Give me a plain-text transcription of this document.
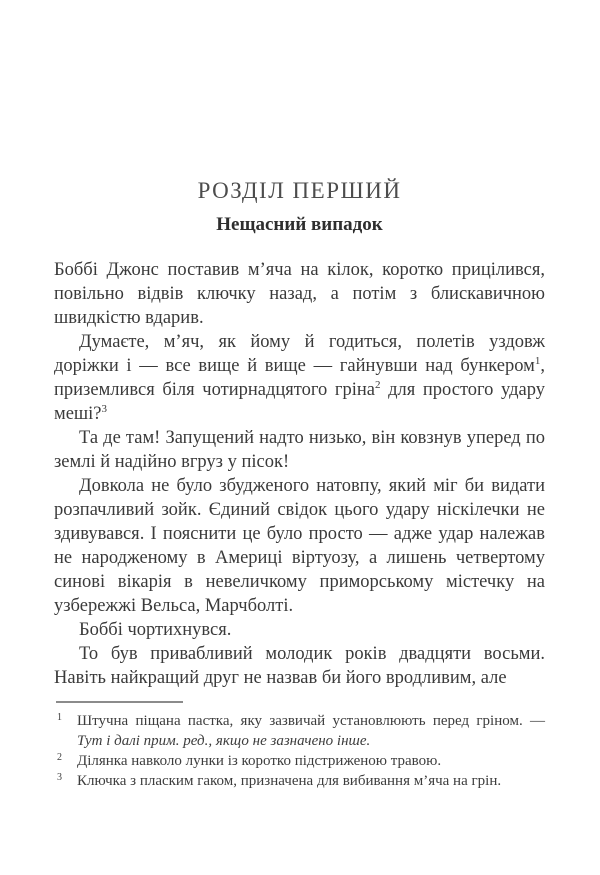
РОЗДІЛ ПЕРШИЙ
Нещасний випадок

Боббі Джонс поставив м’яча на кілок, коротко прицілився, повільно відвів ключку назад, а потім з блискавичною швидкістю вдарив.

Думаєте, м’яч, як йому й годиться, полетів уздовж доріжки і — все вище й вище — гайнувши над бункером$^1$, приземлився біля чотирнадцятого гріна$^2$ для простого удару меші?$^3$

Та де там! Запущений надто низько, він ковзнув уперед по землі й надійно вгруз у пісок!

Довкола не було збудженого натовпу, який міг би видати розпачливий зойк. Єдиний свідок цього удару ніскілечки не здивувався. І пояснити це було просто — адже удар належав не народженому в Америці віртуозу, а лишень четвертому синові вікарія в невеличкому приморському містечку на узбережжі Вельса, Марчболті.

Боббі чортихнувся.

То був привабливий молодик років двадцяти восьми. Навіть найкращий друг не назвав би його вродливим, але

1 Штучна піщана пастка, яку зазвичай установлюють перед гріном. — Тут і далі прим. ред., якщо не зазначено інше.
2 Ділянка навколо лунки із коротко підстриженою травою.
3 Ключка з пласким гаком, призначена для вибивання м’яча на грін.
